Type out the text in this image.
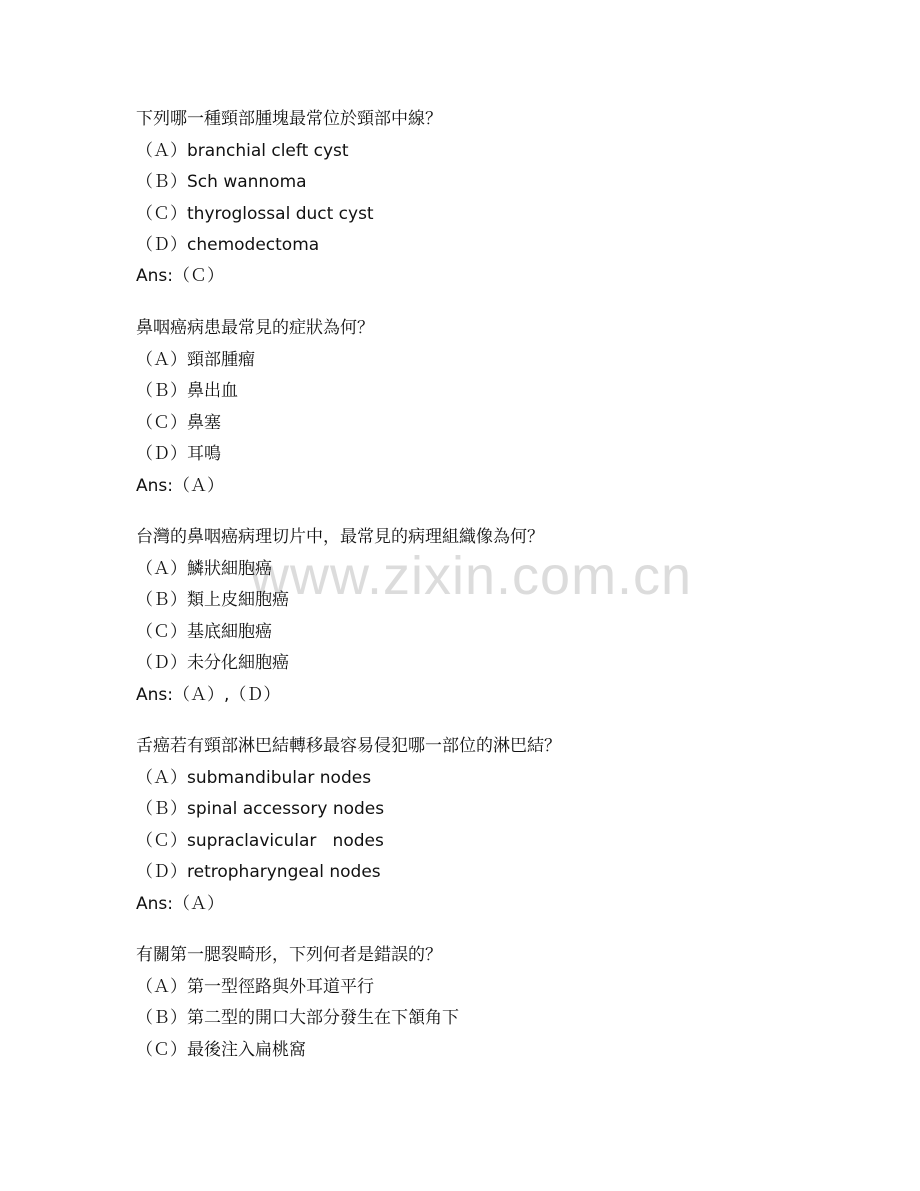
www.zixin.com.cn
下列哪一種頸部腫塊最常位於頸部中線？
（Ａ）branchial cleft cyst
（Ｂ）Sch wannoma
（Ｃ）thyroglossal duct cyst
（Ｄ）chemodectoma
Ans:（Ｃ）
鼻咽癌病患最常見的症狀為何？
（Ａ）頸部腫瘤
（Ｂ）鼻出血
（Ｃ）鼻塞
（Ｄ）耳鳴
Ans:（Ａ）
台灣的鼻咽癌病理切片中，最常見的病理組織像為何？
（Ａ）鱗狀細胞癌
（Ｂ）類上皮細胞癌
（Ｃ）基底細胞癌
（Ｄ）未分化細胞癌
Ans:（Ａ）,（Ｄ）
舌癌若有頸部淋巴結轉移最容易侵犯哪一部位的淋巴結？
（Ａ）submandibular nodes
（Ｂ）spinal accessory nodes
（Ｃ）supraclavicular   nodes
（Ｄ）retropharyngeal nodes
Ans:（Ａ）
有關第一腮裂畸形，下列何者是錯誤的？
（Ａ）第一型徑路與外耳道平行
（Ｂ）第二型的開口大部分發生在下頷角下
（Ｃ）最後注入扁桃窩
